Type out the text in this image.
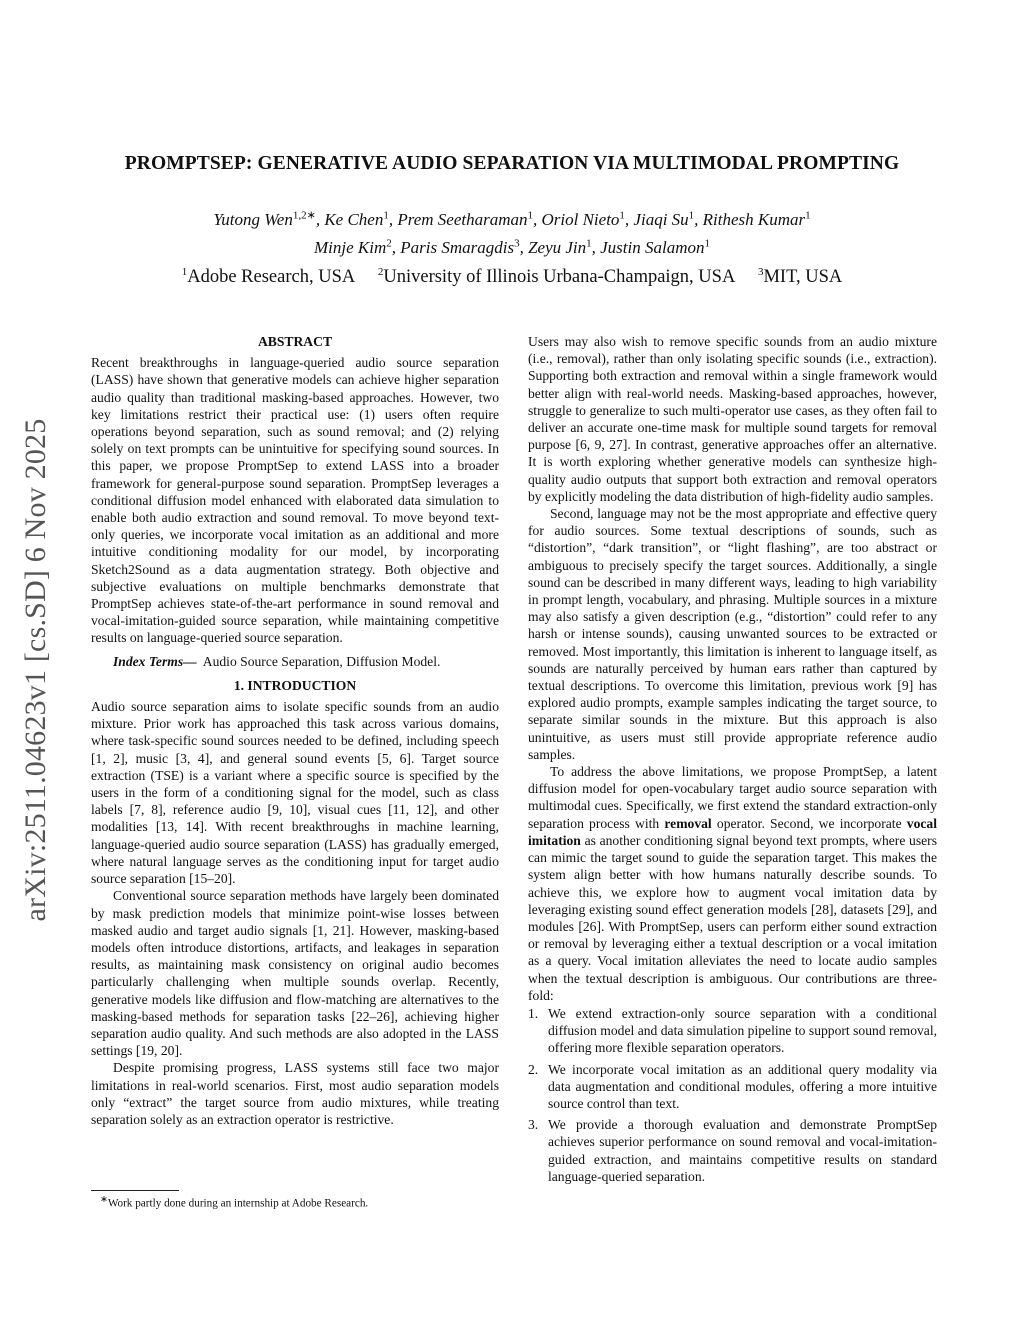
arXiv:2511.04623v1 [cs.SD] 6 Nov 2025
PROMPTSEP: GENERATIVE AUDIO SEPARATION VIA MULTIMODAL PROMPTING
Yutong Wen$^{1,2∗}$, Ke Chen$^1$, Prem Seetharaman$^1$, Oriol Nieto$^1$, Jiaqi Su$^1$, Rithesh Kumar$^1$
Minje Kim$^2$, Paris Smaragdis$^3$, Zeyu Jin$^1$, Justin Salamon$^1$
$^1$Adobe Research, USA $^2$University of Illinois Urbana-Champaign, USA $^3$MIT, USA
ABSTRACT

Recent breakthroughs in language-queried audio source separation (LASS) have shown that generative models can achieve higher separation audio quality than traditional masking-based approaches. However, two key limitations restrict their practical use: (1) users often require operations beyond separation, such as sound removal; and (2) relying solely on text prompts can be unintuitive for specifying sound sources. In this paper, we propose PromptSep to extend LASS into a broader framework for general-purpose sound separation. PromptSep leverages a conditional diffusion model enhanced with elaborated data simulation to enable both audio extraction and sound removal. To move beyond text-only queries, we incorporate vocal imitation as an additional and more intuitive conditioning modality for our model, by incorporating Sketch2Sound as a data augmentation strategy. Both objective and subjective evaluations on multiple benchmarks demonstrate that PromptSep achieves state-of-the-art performance in sound removal and vocal-imitation-guided source separation, while maintaining competitive results on language-queried source separation.

Index Terms— Audio Source Separation, Diffusion Model.

1. INTRODUCTION

Audio source separation aims to isolate specific sounds from an audio mixture. Prior work has approached this task across various domains, where task-specific sound sources needed to be defined, including speech [1, 2], music [3, 4], and general sound events [5, 6]. Target source extraction (TSE) is a variant where a specific source is specified by the users in the form of a conditioning signal for the model, such as class labels [7, 8], reference audio [9, 10], visual cues [11, 12], and other modalities [13, 14]. With recent breakthroughs in machine learning, language-queried audio source separation (LASS) has gradually emerged, where natural language serves as the conditioning input for target audio source separation [15–20].

Conventional source separation methods have largely been dominated by mask prediction models that minimize point-wise losses between masked audio and target audio signals [1, 21]. However, masking-based models often introduce distortions, artifacts, and leakages in separation results, as maintaining mask consistency on original audio becomes particularly challenging when multiple sounds overlap. Recently, generative models like diffusion and flow-matching are alternatives to the masking-based methods for separation tasks [22–26], achieving higher separation audio quality. And such methods are also adopted in the LASS settings [19, 20].

Despite promising progress, LASS systems still face two major limitations in real-world scenarios. First, most audio separation models only “extract” the target source from audio mixtures, while treating separation solely as an extraction operator is restrictive.

Users may also wish to remove specific sounds from an audio mixture (i.e., removal), rather than only isolating specific sounds (i.e., extraction). Supporting both extraction and removal within a single framework would better align with real-world needs. Masking-based approaches, however, struggle to generalize to such multi-operator use cases, as they often fail to deliver an accurate one-time mask for multiple sound targets for removal purpose [6, 9, 27]. In contrast, generative approaches offer an alternative. It is worth exploring whether generative models can synthesize high-quality audio outputs that support both extraction and removal operators by explicitly modeling the data distribution of high-fidelity audio samples.

Second, language may not be the most appropriate and effective query for audio sources. Some textual descriptions of sounds, such as “distortion”, “dark transition”, or “light flashing”, are too abstract or ambiguous to precisely specify the target sources. Additionally, a single sound can be described in many different ways, leading to high variability in prompt length, vocabulary, and phrasing. Multiple sources in a mixture may also satisfy a given description (e.g., “distortion” could refer to any harsh or intense sounds), causing unwanted sources to be extracted or removed. Most importantly, this limitation is inherent to language itself, as sounds are naturally perceived by human ears rather than captured by textual descriptions. To overcome this limitation, previous work [9] has explored audio prompts, example samples indicating the target source, to separate similar sounds in the mixture. But this approach is also unintuitive, as users must still provide appropriate reference audio samples.

To address the above limitations, we propose PromptSep, a latent diffusion model for open-vocabulary target audio source separation with multimodal cues. Specifically, we first extend the standard extraction-only separation process with removal operator. Second, we incorporate vocal imitation as another conditioning signal beyond text prompts, where users can mimic the target sound to guide the separation target. This makes the system align better with how humans naturally describe sounds. To achieve this, we explore how to augment vocal imitation data by leveraging existing sound effect generation models [28], datasets [29], and modules [26]. With PromptSep, users can perform either sound extraction or removal by leveraging either a textual description or a vocal imitation as a query. Vocal imitation alleviates the need to locate audio samples when the textual description is ambiguous. Our contributions are three-fold:

1. We extend extraction-only source separation with a conditional diffusion model and data simulation pipeline to support sound removal, offering more flexible separation operators.
2. We incorporate vocal imitation as an additional query modality via data augmentation and conditional modules, offering a more intuitive source control than text.
3. We provide a thorough evaluation and demonstrate PromptSep achieves superior performance on sound removal and vocal-imitation-guided extraction, and maintains competitive results on standard language-queried separation.
∗Work partly done during an internship at Adobe Research.
